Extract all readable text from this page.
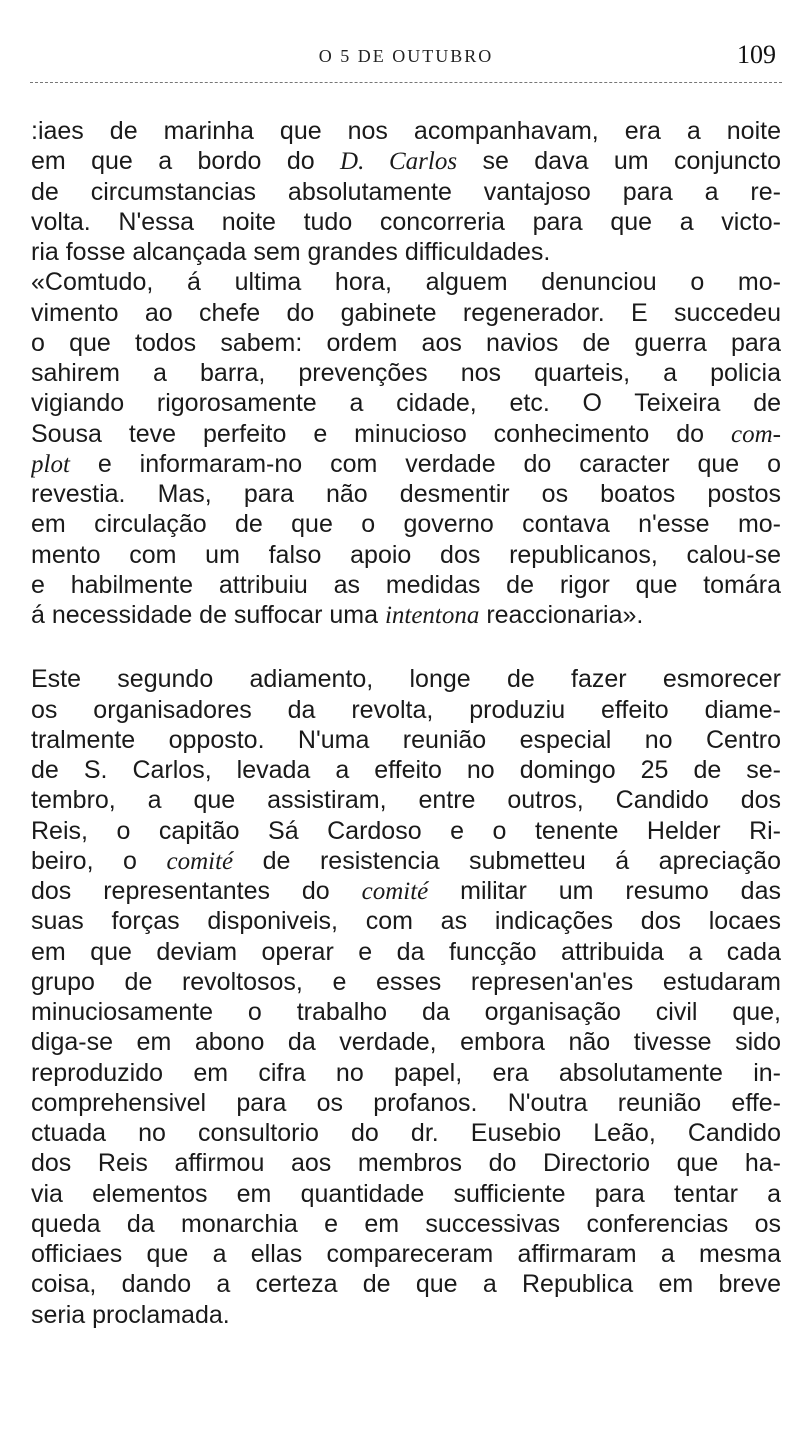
O 5 DE OUTUBRO	109
:iaes de marinha que nos acompanhavam, era a noite
em que a bordo do D. Carlos se dava um conjuncto
de circumstancias absolutamente vantajoso para a re-
volta. N'essa noite tudo concorreria para que a victo-
ria fosse alcançada sem grandes difficuldades.
«Comtudo, á ultima hora, alguem denunciou o mo-
vimento ao chefe do gabinete regenerador. E succedeu
o que todos sabem: ordem aos navios de guerra para
sahirem a barra, prevenções nos quarteis, a policia
vigiando rigorosamente a cidade, etc. O Teixeira de
Sousa teve perfeito e minucioso conhecimento do com-
plot e informaram-no com verdade do caracter que o
revestia. Mas, para não desmentir os boatos postos
em circulação de que o governo contava n'esse mo-
mento com um falso apoio dos republicanos, calou-se
e habilmente attribuiu as medidas de rigor que tomára
á necessidade de suffocar uma intentona reaccionaria».
Este segundo adiamento, longe de fazer esmorecer
os organisadores da revolta, produziu effeito diame-
tralmente opposto. N'uma reunião especial no Centro
de S. Carlos, levada a effeito no domingo 25 de se-
tembro, a que assistiram, entre outros, Candido dos
Reis, o capitão Sá Cardoso e o tenente Helder Ri-
beiro, o comité de resistencia submetteu á apreciação
dos representantes do comité militar um resumo das
suas forças disponiveis, com as indicações dos locaes
em que deviam operar e da funcção attribuida a cada
grupo de revoltosos, e esses represen'an'es estudaram
minuciosamente o trabalho da organisação civil que,
diga-se em abono da verdade, embora não tivesse sido
reproduzido em cifra no papel, era absolutamente in-
comprehensivel para os profanos. N'outra reunião effe-
ctuada no consultorio do dr. Eusebio Leão, Candido
dos Reis affirmou aos membros do Directorio que ha-
via elementos em quantidade sufficiente para tentar a
queda da monarchia e em successivas conferencias os
officiaes que a ellas compareceram affirmaram a mesma
coisa, dando a certeza de que a Republica em breve
seria proclamada.
